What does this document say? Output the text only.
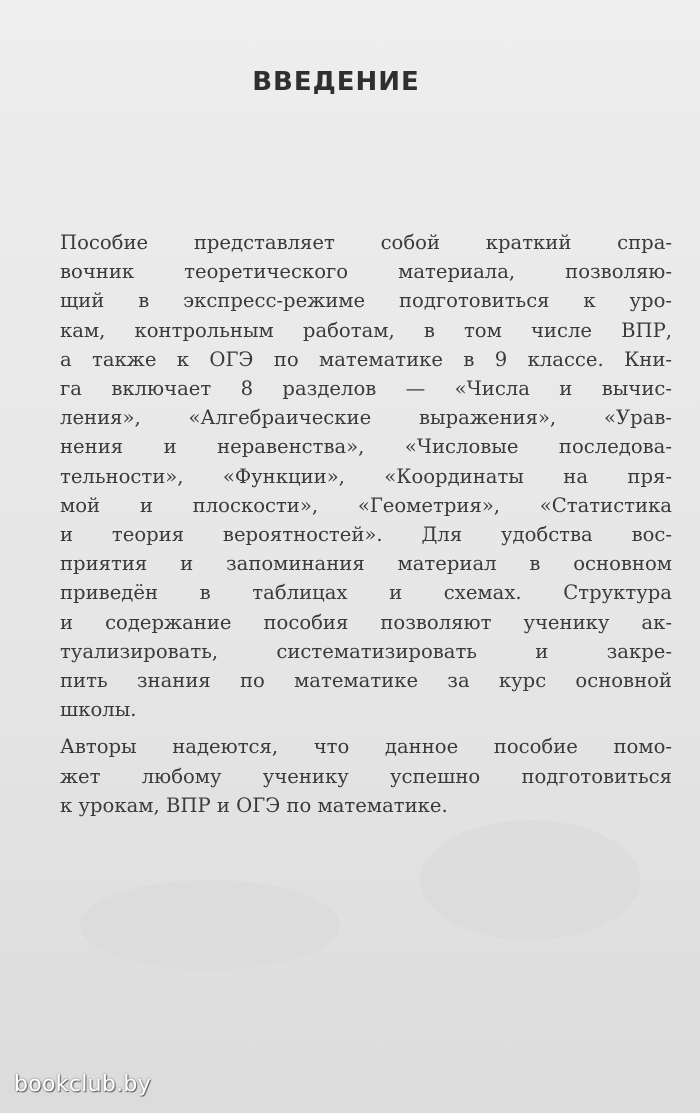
ВВЕДЕНИЕ

Пособие представляет собой краткий спра-
вочник теоретического материала, позволяю-
щий в экспресс-режиме подготовиться к уро-
кам, контрольным работам, в том числе ВПР,
а также к ОГЭ по математике в 9 классе. Кни-
га включает 8 разделов — «Числа и вычис-
ления», «Алгебраические выражения», «Урав-
нения и неравенства», «Числовые последова-
тельности», «Функции», «Координаты на пря-
мой и плоскости», «Геометрия», «Статистика
и теория вероятностей». Для удобства вос-
приятия и запоминания материал в основном
приведён в таблицах и схемах. Структура
и содержание пособия позволяют ученику ак-
туализировать, систематизировать и закре-
пить знания по математике за курс основной
школы.

Авторы надеются, что данное пособие помо-
жет любому ученику успешно подготовиться
к урокам, ВПР и ОГЭ по математике.

bookclub.by
